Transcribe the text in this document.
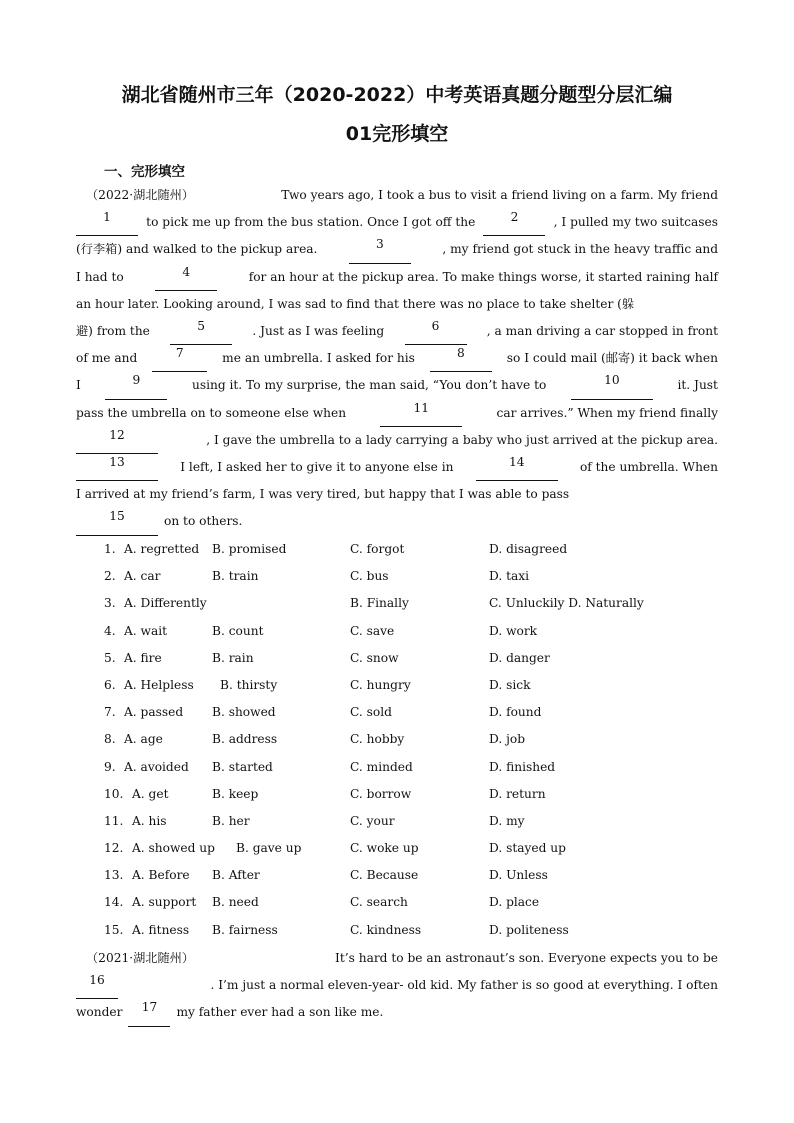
湖北省随州市三年（2020-2022）中考英语真题分题型分层汇编
01完形填空
一、完形填空
（2022·湖北随州）	Two years ago, I took a bus to visit a friend living on a farm. My friend
1	to pick me up from the bus station. Once I got off the	2	, I pulled my two suitcases
(行李箱) and walked to the pickup area.	3	, my friend got stuck in the heavy traffic and
I had to	4	for an hour at the pickup area. To make things worse, it started raining half
an hour later. Looking around, I was sad to find that there was no place to take shelter (躲
避) from the	5	. Just as I was feeling	6	, a man driving a car stopped in front
of me and	7	me an umbrella. I asked for his	8	so I could mail (邮寄) it back when
I	9	using it. To my surprise, the man said, “You don’t have to	10	it. Just
pass the umbrella on to someone else when	11	car arrives.” When my friend finally
12	, I gave the umbrella to a lady carrying a baby who just arrived at the pickup area.
13	I left, I asked her to give it to anyone else in	14	of the umbrella. When
I arrived at my friend’s farm, I was very tired, but happy that I was able to pass
15	on to others.
1. A. regretted B. promised	C. forgot	D. disagreed
2. A. car	B. train	C. bus	D. taxi
3. A. Differently	B. Finally	C. Unluckily D. Naturally
4. A. wait	B. count	C. save	D. work
5. A. fire	B. rain	C. snow	D. danger
6. A. Helpless B. thirsty	C. hungry	D. sick
7. A. passed B. showed	C. sold	D. found
8. A. age	B. address	C. hobby	D. job
9. A. avoided B. started	C. minded	D. finished
10. A. get	B. keep	C. borrow	D. return
11. A. his	B. her	C. your	D. my
12. A. showed up B. gave up	C. woke up	D. stayed up
13. A. Before B. After	C. Because	D. Unless
14. A. support B. need	C. search	D. place
15. A. fitness B. fairness	C. kindness	D. politeness
（2021·湖北随州）	It’s hard to be an astronaut’s son. Everyone expects you to be
16	. I’m just a normal eleven-year- old kid. My father is so good at everything. I often
wonder	17	my father ever had a son like me.
